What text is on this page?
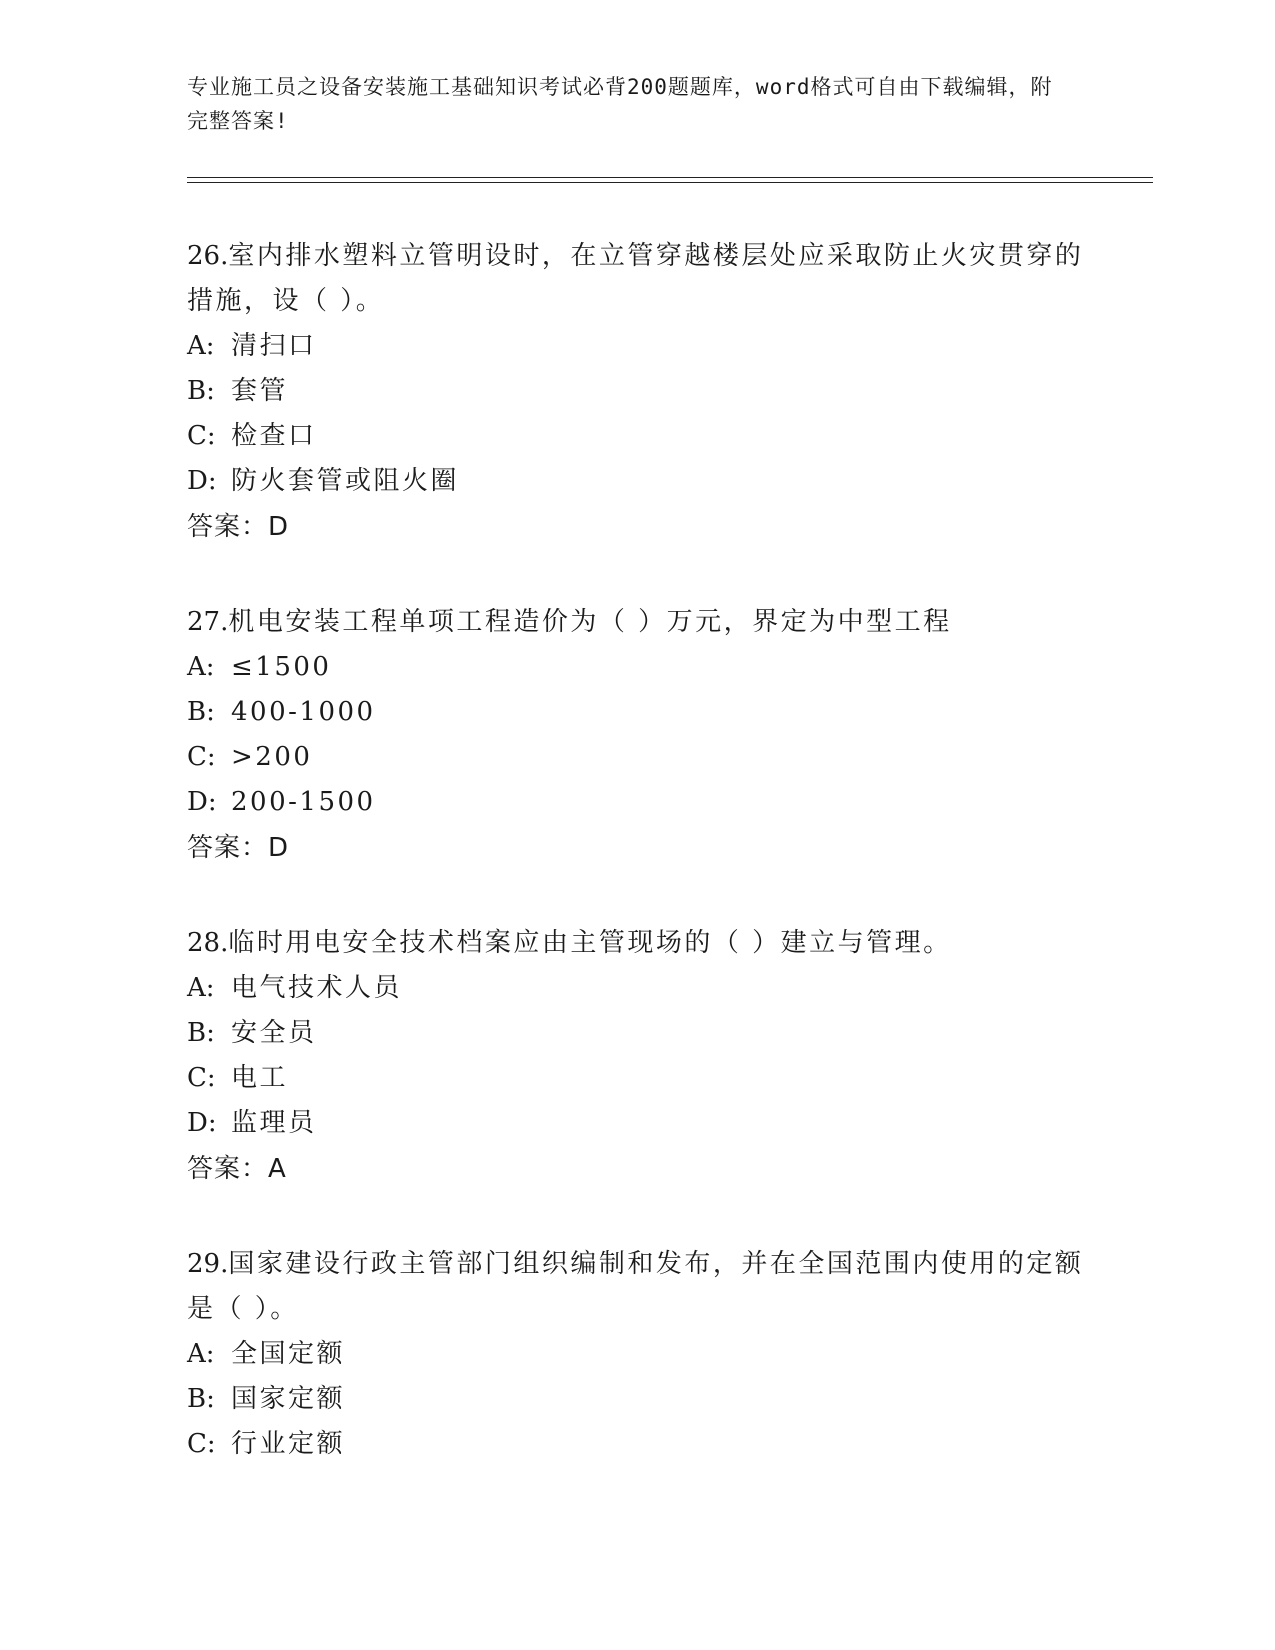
专业施工员之设备安装施工基础知识考试必背200题题库，word格式可自由下载编辑，附完整答案!

26.室内排水塑料立管明设时，在立管穿越楼层处应采取防止火灾贯穿的措施，设（ ）。

A: 清扫口

B: 套管

C: 检查口

D: 防火套管或阻火圈

答案：D

27.机电安装工程单项工程造价为（ ）万元，界定为中型工程

A: ≤1500

B: 400-1000

C: >200

D: 200-1500

答案：D

28.临时用电安全技术档案应由主管现场的（ ）建立与管理。

A: 电气技术人员

B: 安全员

C: 电工

D: 监理员

答案：A

29.国家建设行政主管部门组织编制和发布，并在全国范围内使用的定额是（ ）。

A: 全国定额

B: 国家定额

C: 行业定额
